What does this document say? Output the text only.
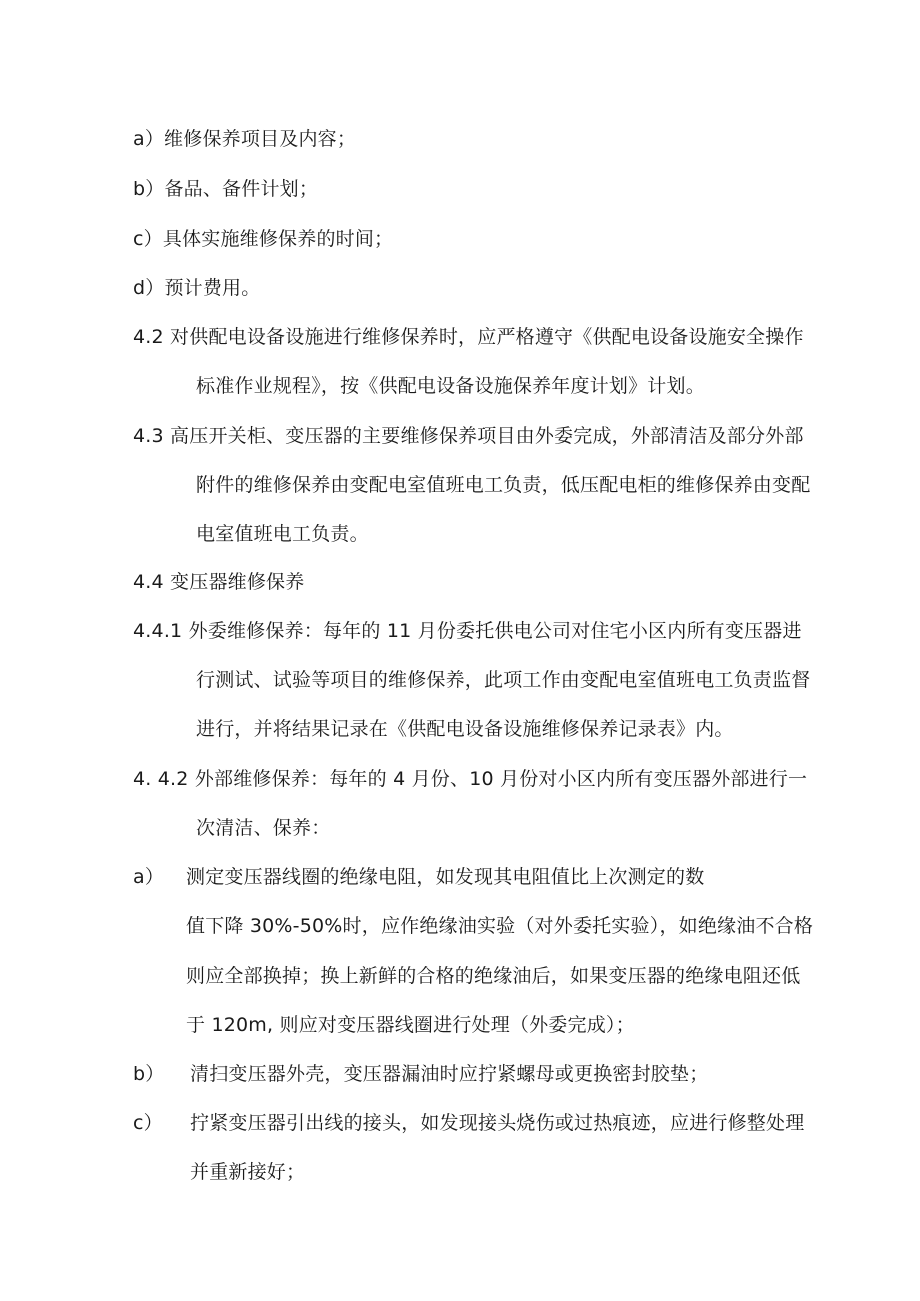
a）维修保养项目及内容；
b）备品、备件计划；
c）具体实施维修保养的时间；
d）预计费用。
4.2 对供配电设备设施进行维修保养时，应严格遵守《供配电设备设施安全操作
标准作业规程》，按《供配电设备设施保养年度计划》计划。
4.3 高压开关柜、变压器的主要维修保养项目由外委完成，外部清洁及部分外部
附件的维修保养由变配电室值班电工负责，低压配电柜的维修保养由变配
电室值班电工负责。
4.4 变压器维修保养
4.4.1 外委维修保养：每年的 11 月份委托供电公司对住宅小区内所有变压器进
行测试、试验等项目的维修保养，此项工作由变配电室值班电工负责监督
进行，并将结果记录在《供配电设备设施维修保养记录表》内。
4. 4.2 外部维修保养：每年的 4 月份、10 月份对小区内所有变压器外部进行一
次清洁、保养：
a） 测定变压器线圈的绝缘电阻，如发现其电阻值比上次测定的数
值下降 30%-50%时，应作绝缘油实验（对外委托实验），如绝缘油不合格
则应全部换掉；换上新鲜的合格的绝缘油后，如果变压器的绝缘电阻还低
于 120m, 则应对变压器线圈进行处理（外委完成）；
b） 清扫变压器外壳，变压器漏油时应拧紧螺母或更换密封胶垫；
c） 拧紧变压器引出线的接头，如发现接头烧伤或过热痕迹，应进行修整处理
并重新接好；
